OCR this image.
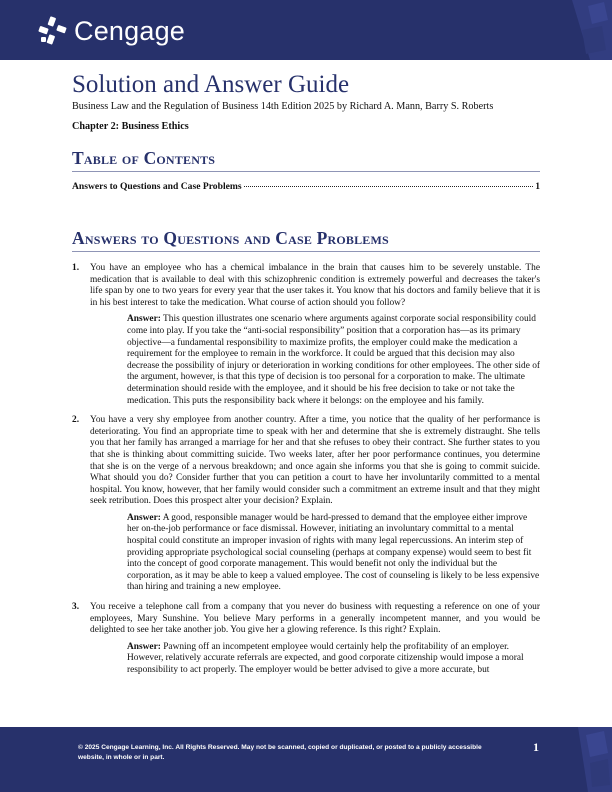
Cengage
Solution and Answer Guide
Business Law and the Regulation of Business 14th Edition 2025 by Richard A. Mann, Barry S. Roberts
Chapter 2: Business Ethics
Table of Contents
Answers to Questions and Case Problems	1
Answers to Questions and Case Problems
1.	You have an employee who has a chemical imbalance in the brain that causes him to be severely unstable. The medication that is available to deal with this schizophrenic condition is extremely powerful and decreases the taker's life span by one to two years for every year that the user takes it. You know that his doctors and family believe that it is in his best interest to take the medication. What course of action should you follow?
Answer: This question illustrates one scenario where arguments against corporate social responsibility could come into play. If you take the “anti-social responsibility” position that a corporation has—as its primary objective—a fundamental responsibility to maximize profits, the employer could make the medication a requirement for the employee to remain in the workforce. It could be argued that this decision may also decrease the possibility of injury or deterioration in working conditions for other employees. The other side of the argument, however, is that this type of decision is too personal for a corporation to make. The ultimate determination should reside with the employee, and it should be his free decision to take or not take the medication. This puts the responsibility back where it belongs: on the employee and his family.
2.	You have a very shy employee from another country. After a time, you notice that the quality of her performance is deteriorating. You find an appropriate time to speak with her and determine that she is extremely distraught. She tells you that her family has arranged a marriage for her and that she refuses to obey their contract. She further states to you that she is thinking about committing suicide. Two weeks later, after her poor performance continues, you determine that she is on the verge of a nervous breakdown; and once again she informs you that she is going to commit suicide. What should you do? Consider further that you can petition a court to have her involuntarily committed to a mental hospital. You know, however, that her family would consider such a commitment an extreme insult and that they might seek retribution. Does this prospect alter your decision? Explain.
Answer: A good, responsible manager would be hard-pressed to demand that the employee either improve her on-the-job performance or face dismissal. However, initiating an involuntary committal to a mental hospital could constitute an improper invasion of rights with many legal repercussions. An interim step of providing appropriate psychological social counseling (perhaps at company expense) would seem to best fit into the concept of good corporate management. This would benefit not only the individual but the corporation, as it may be able to keep a valued employee. The cost of counseling is likely to be less expensive than hiring and training a new employee.
3.	You receive a telephone call from a company that you never do business with requesting a reference on one of your employees, Mary Sunshine. You believe Mary performs in a generally incompetent manner, and you would be delighted to see her take another job. You give her a glowing reference. Is this right? Explain.
Answer: Pawning off an incompetent employee would certainly help the profitability of an employer. However, relatively accurate referrals are expected, and good corporate citizenship would impose a moral responsibility to act properly. The employer would be better advised to give a more accurate, but
© 2025 Cengage Learning, Inc. All Rights Reserved. May not be scanned, copied or duplicated, or posted to a publicly accessible website, in whole or in part.
1
